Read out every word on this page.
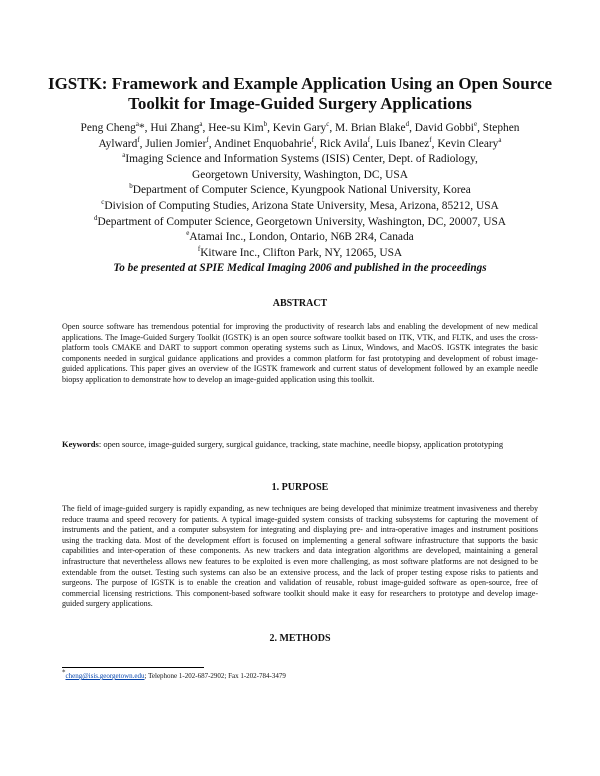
IGSTK: Framework and Example Application Using an Open Source
Toolkit for Image-Guided Surgery Applications
Peng Cheng$^a$*, Hui Zhang$^a$, Hee-su Kim$^b$, Kevin Gary$^c$, M. Brian Blake$^d$, David Gobbi$^e$, Stephen
Aylward$^f$, Julien Jomier$^f$, Andinet Enquobahrie$^f$, Rick Avila$^f$, Luis Ibanez$^f$, Kevin Cleary$^a$
$^a$Imaging Science and Information Systems (ISIS) Center, Dept. of Radiology,
Georgetown University, Washington, DC, USA
$^b$Department of Computer Science, Kyungpook National University, Korea
$^c$Division of Computing Studies, Arizona State University, Mesa, Arizona, 85212, USA
$^d$Department of Computer Science, Georgetown University, Washington, DC, 20007, USA
$^e$Atamai Inc., London, Ontario, N6B 2R4, Canada
$^f$Kitware Inc., Clifton Park, NY, 12065, USA
To be presented at SPIE Medical Imaging 2006 and published in the proceedings
ABSTRACT
Open source software has tremendous potential for improving the productivity of research labs and enabling the development of new medical applications. The Image-Guided Surgery Toolkit (IGSTK) is an open source software toolkit based on ITK, VTK, and FLTK, and uses the cross-platform tools CMAKE and DART to support common operating systems such as Linux, Windows, and MacOS. IGSTK integrates the basic components needed in surgical guidance applications and provides a common platform for fast prototyping and development of robust image-guided applications. This paper gives an overview of the IGSTK framework and current status of development followed by an example needle biopsy application to demonstrate how to develop an image-guided application using this toolkit.
Keywords: open source, image-guided surgery, surgical guidance, tracking, state machine, needle biopsy, application prototyping
1. PURPOSE
The field of image-guided surgery is rapidly expanding, as new techniques are being developed that minimize treatment invasiveness and thereby reduce trauma and speed recovery for patients. A typical image-guided system consists of tracking subsystems for capturing the movement of instruments and the patient, and a computer subsystem for integrating and displaying pre- and intra-operative images and instrument positions using the tracking data. Most of the development effort is focused on implementing a general software infrastructure that supports the basic capabilities and inter-operation of these components. As new trackers and data integration algorithms are developed, maintaining a general infrastructure that nevertheless allows new features to be exploited is even more challenging, as most software platforms are not designed to be extendable from the outset. Testing such systems can also be an extensive process, and the lack of proper testing expose risks to patients and surgeons. The purpose of IGSTK is to enable the creation and validation of reusable, robust image-guided software as open-source, free of commercial licensing restrictions. This component-based software toolkit should make it easy for researchers to prototype and develop image-guided surgery applications.
2. METHODS
*cheng@isis.georgetown.edu; Telephone 1-202-687-2902; Fax 1-202-784-3479
